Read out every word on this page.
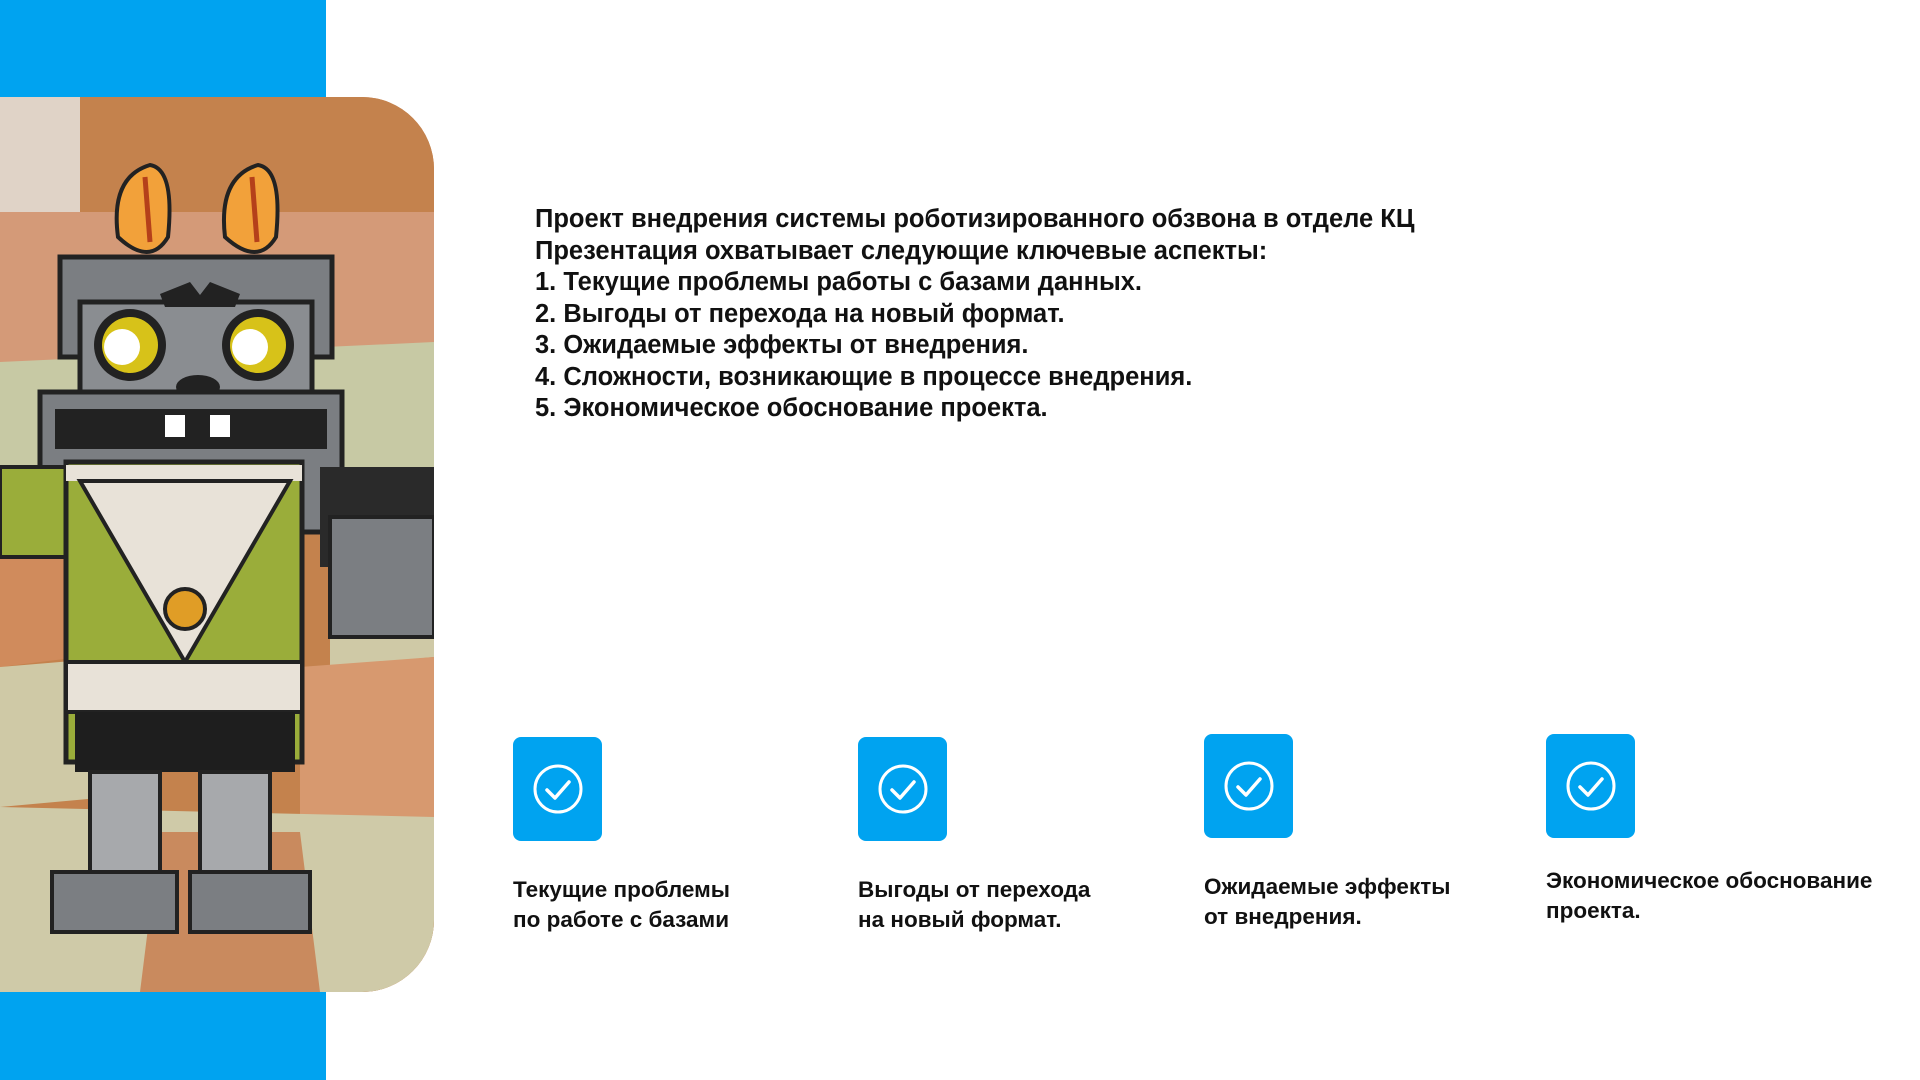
Проект внедрения системы роботизированного обзвона в отделе КЦ
Презентация охватывает следующие ключевые аспекты:
1. Текущие проблемы работы с базами данных.
2. Выгоды от перехода на новый формат.
3. Ожидаемые эффекты от внедрения.
4. Сложности, возникающие в процессе внедрения.
5. Экономическое обоснование проекта.
Текущие проблемы
по работе с базами
Выгоды от перехода
на новый формат.
Ожидаемые эффекты
от внедрения.
Экономическое обоснование
проекта.
